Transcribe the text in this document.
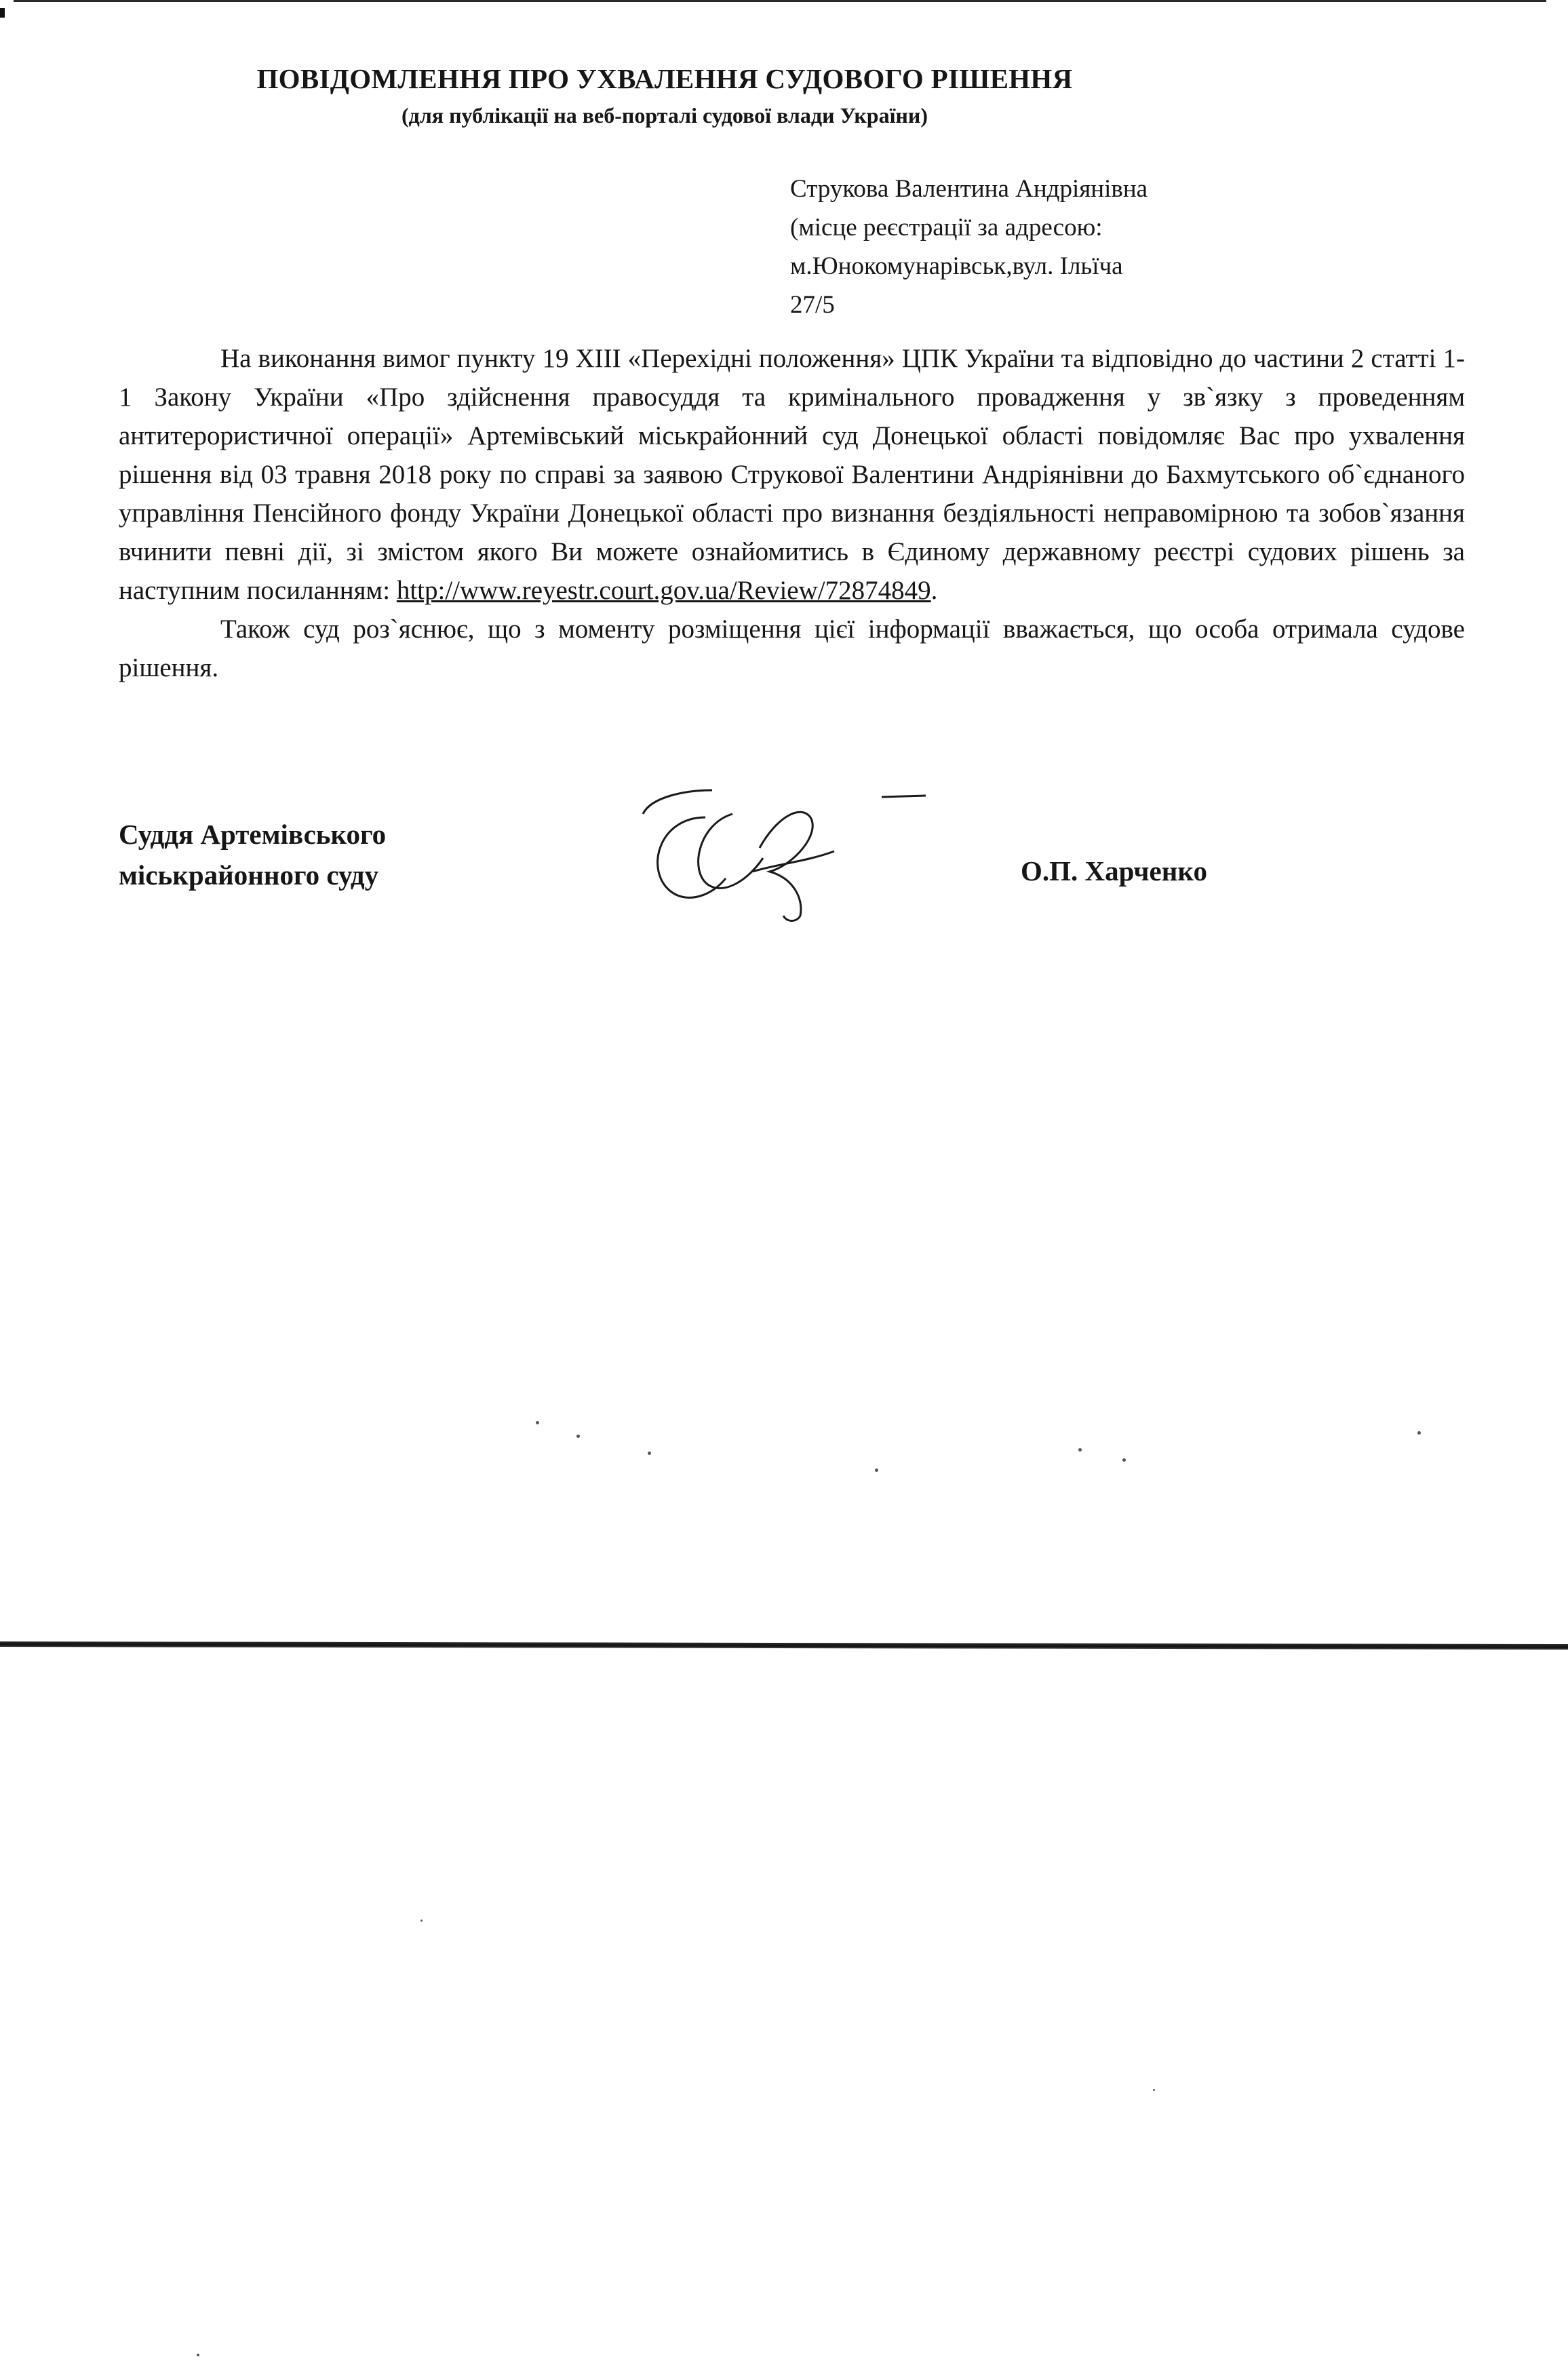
ПОВІДОМЛЕННЯ ПРО УХВАЛЕННЯ СУДОВОГО РІШЕННЯ
(для публікації на веб-порталі судової влади України)
Струкова Валентина Андріянівна
(місце реєстрації за адресою:
м.Юнокомунарівськ,вул. Ільїча
27/5

На виконання вимог пункту 19 XIII «Перехідні положення» ЦПК України та відповідно до частини 2 статті 1-1 Закону України «Про здійснення правосуддя та кримінального провадження у зв`язку з проведенням антитерористичної операції» Артемівський міськрайонний суд Донецької області повідомляє Вас про ухвалення рішення від 03 травня 2018 року по справі за заявою Струкової Валентини Андріянівни до Бахмутського об`єднаного управління Пенсійного фонду України Донецької області про визнання бездіяльності неправомірною та зобов`язання вчинити певні дії, зі змістом якого Ви можете ознайомитись в Єдиному державному реєстрі судових рішень за наступним посиланням: http://www.reyestr.court.gov.ua/Review/72874849.

Також суд роз`яснює, що з моменту розміщення цієї інформації вважається, що особа отримала судове рішення.

Суддя Артемівського
міськрайонного суду	О.П. Харченко
